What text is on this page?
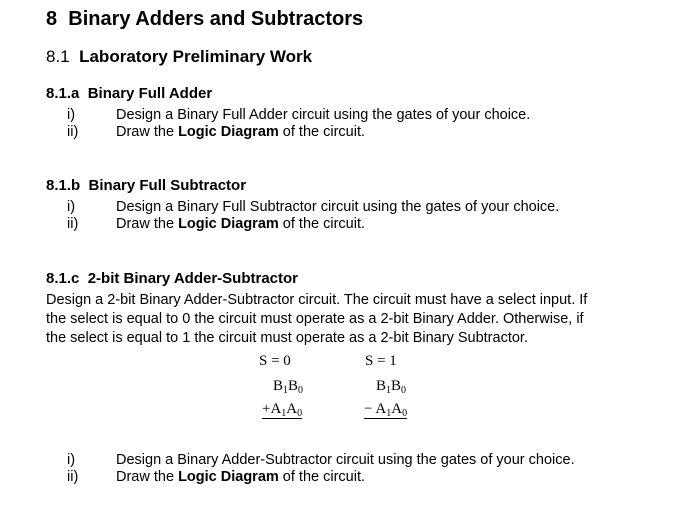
8 Binary Adders and Subtractors
8.1 Laboratory Preliminary Work
8.1.a Binary Full Adder
i)	Design a Binary Full Adder circuit using the gates of your choice.
ii)	Draw the Logic Diagram of the circuit.
8.1.b Binary Full Subtractor
i)	Design a Binary Full Subtractor circuit using the gates of your choice.
ii)	Draw the Logic Diagram of the circuit.
8.1.c 2-bit Binary Adder-Subtractor
Design a 2-bit Binary Adder-Subtractor circuit. The circuit must have a select input. If
the select is equal to 0 the circuit must operate as a 2-bit Binary Adder. Otherwise, if
the select is equal to 1 the circuit must operate as a 2-bit Binary Subtractor.
S = 0	S = 1
$B_1B_0$	$B_1B_0$
$+A_1A_0$	− $A_1A_0$
i)	Design a Binary Adder-Subtractor circuit using the gates of your choice.
ii)	Draw the Logic Diagram of the circuit.
